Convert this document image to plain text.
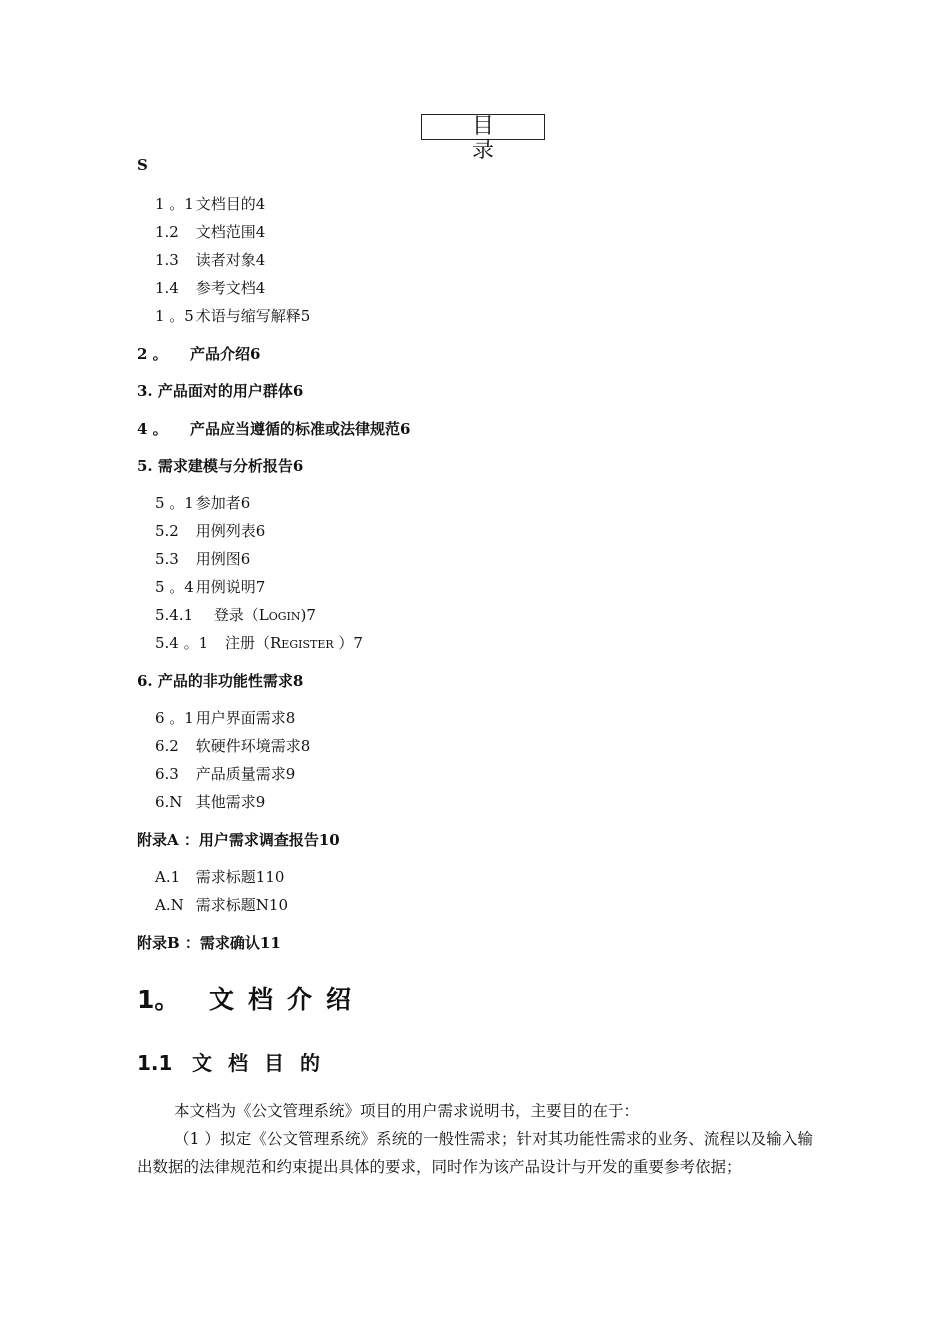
目 录
S
1 。1 文档目的4
1.2 文档范围4
1.3 读者对象4
1.4 参考文档4
1 。5 术语与缩写解释5
2 。 产品介绍6
3. 产品面对的用户群体6
4 。 产品应当遵循的标准或法律规范6
5. 需求建模与分析报告6
5 。1 参加者6
5.2 用例列表6
5.3 用例图6
5 。4 用例说明7
5.4.1 登录（Login)7
5.4 。1 注册（Register ）7
6. 产品的非功能性需求8
6 。1 用户界面需求8
6.2 软硬件环境需求8
6.3 产品质量需求9
6.N 其他需求9
附录A ：用户需求调查报告10
A.1 需求标题110
A.N 需求标题N10
附录B ：需求确认11
1。 文档介绍
1.1 文档目的
本文档为《公文管理系统》项目的用户需求说明书，主要目的在于：
（1 ）拟定《公文管理系统》系统的一般性需求；针对其功能性需求的业务、流程以及输入输出数据的法律规范和约束提出具体的要求，同时作为该产品设计与开发的重要参考依据；
